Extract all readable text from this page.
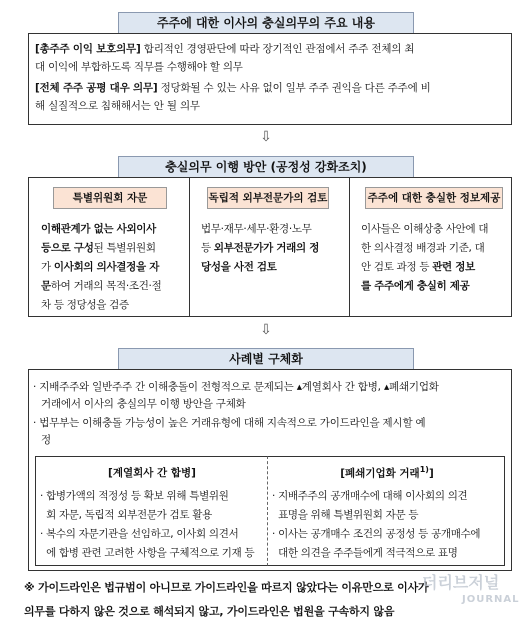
주주에 대한 이사의 충실의무의 주요 내용
[총주주 이익 보호의무] 합리적인 경영판단에 따라 장기적인 관점에서 주주 전체의 최
대 이익에 부합하도록 직무를 수행해야 할 의무
[전체 주주 공평 대우 의무] 정당화될 수 있는 사유 없이 일부 주주 권익을 다른 주주에 비
해 실질적으로 침해해서는 안 될 의무
⇩
충실의무 이행 방안 (공정성 강화조치)
특별위원회 자문	독립적 외부전문가의 검토	주주에 대한 충실한 정보제공
이해관계가 없는 사외이사
등으로 구성된 특별위원회
가 이사회의 의사결정을 자
문하여 거래의 목적·조건·절
차 등 정당성을 검증
법무·재무·세무·환경·노무
등 외부전문가가 거래의 정
당성을 사전 검토
이사들은 이해상충 사안에 대
한 의사결정 배경과 기준, 대
안 검토 과정 등 관련 정보
를 주주에게 충실히 제공
⇩
사례별 구체화
· 지배주주와 일반주주 간 이해충돌이 전형적으로 문제되는 ▴계열회사 간 합병, ▴폐쇄기업화
거래에서 이사의 충실의무 이행 방안을 구체화
· 법무부는 이해충돌 가능성이 높은 거래유형에 대해 지속적으로 가이드라인을 제시할 예
정
[계열회사 간 합병]
· 합병가액의 적정성 등 확보 위해 특별위원
회 자문, 독립적 외부전문가 검토 활용
· 복수의 자문기관을 선임하고, 이사회 의견서
에 합병 관련 고려한 사항을 구체적으로 기재 등
[폐쇄기업화 거래$^{1)}$]
· 지배주주의 공개매수에 대해 이사회의 의견
표명을 위해 특별위원회 자문 등
· 이사는 공개매수 조건의 공정성 등 공개매수에
대한 의견을 주주들에게 적극적으로 표명
※ 가이드라인은 법규범이 아니므로 가이드라인을 따르지 않았다는 이유만으로 이사가
의무를 다하지 않은 것으로 해석되지 않고, 가이드라인은 법원을 구속하지 않음
더리브저널
JOURNAL
